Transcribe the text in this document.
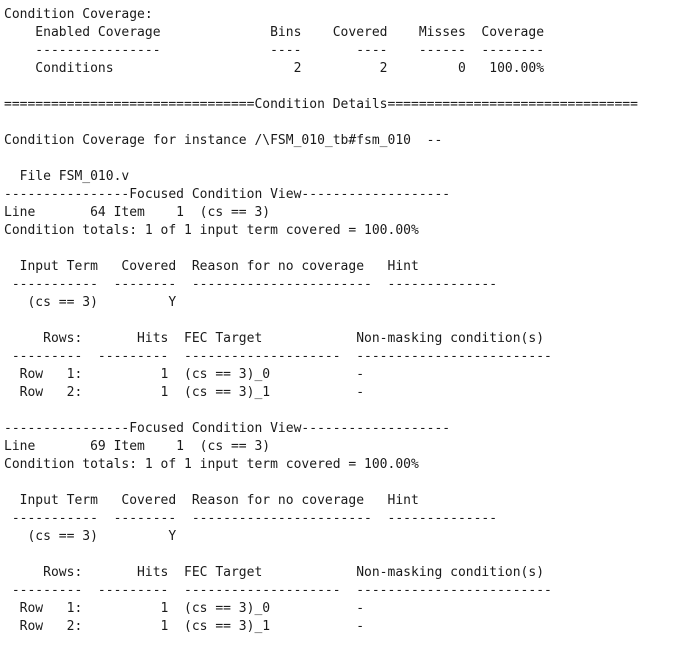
Condition Coverage:
Enabled Coverage              Bins    Covered    Misses  Coverage
----------------              ----       ----    ------  --------
Conditions                       2          2         0   100.00%

================================Condition Details================================

Condition Coverage for instance /\FSM_010_tb#fsm_010  --

File FSM_010.v
----------------Focused Condition View-------------------
Line       64 Item    1  (cs == 3)
Condition totals: 1 of 1 input term covered = 100.00%

Input Term   Covered  Reason for no coverage   Hint
-----------  --------  -----------------------  --------------
(cs == 3)         Y

Rows:       Hits  FEC Target            Non-masking condition(s)
---------  ---------  --------------------  -------------------------
Row   1:          1  (cs == 3)_0           -
Row   2:          1  (cs == 3)_1           -

----------------Focused Condition View-------------------
Line       69 Item    1  (cs == 3)
Condition totals: 1 of 1 input term covered = 100.00%

Input Term   Covered  Reason for no coverage   Hint
-----------  --------  -----------------------  --------------
(cs == 3)         Y

Rows:       Hits  FEC Target            Non-masking condition(s)
---------  ---------  --------------------  -------------------------
Row   1:          1  (cs == 3)_0           -
Row   2:          1  (cs == 3)_1           -
